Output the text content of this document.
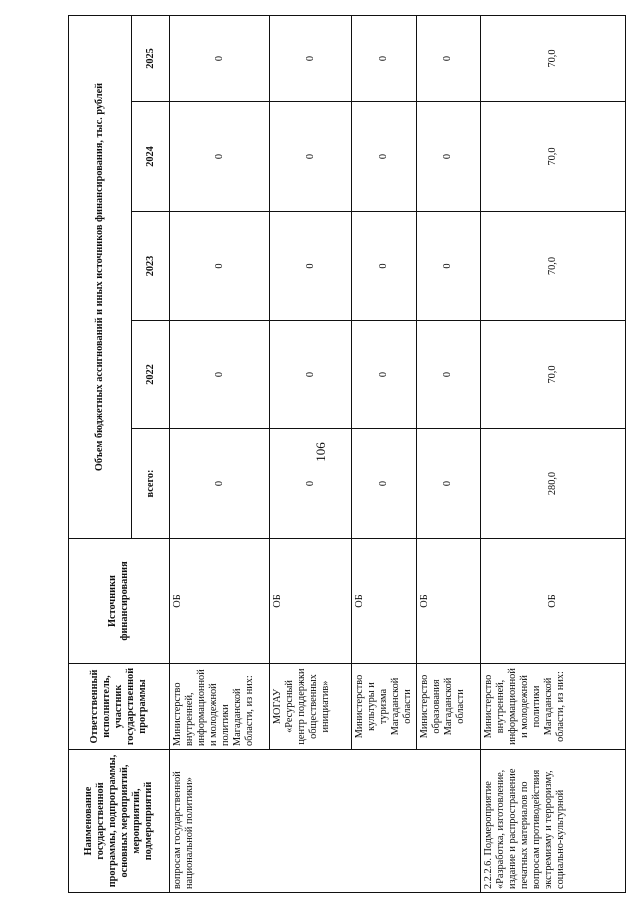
106
Наименование государственной программы, подпрограммы, основных мероприятий, мероприятий, подмероприятий	Ответственный исполнитель, участник государственной программы	Источники финансирования	Объем бюджетных ассигнований и иных источников финансирования, тыс. рублей				
			всего:	2022	2023	2024	2025
вопросам государственной национальной политики»	Министерство внутренней, информационной и молодежной политики Магаданской области, из них:	ОБ	0	0	0	0	0
	МОГАУ «Ресурсный центр поддержки общественных инициатив»	ОБ	0	0	0	0	0
	Министерство культуры и туризма Магаданской области	ОБ	0	0	0	0	0
	Министерство образования Магаданской области	ОБ	0	0	0	0	0
2.2.2.6. Подмероприятие «Разработка, изготовление, издание и распространение печатных материалов по вопросам противодействия экстремизму и терроризму, социально-культурной	Министерство внутренней, информационной и молодежной политики Магаданской области, из них:	ОБ	280,0	70,0	70,0	70,0	70,0
